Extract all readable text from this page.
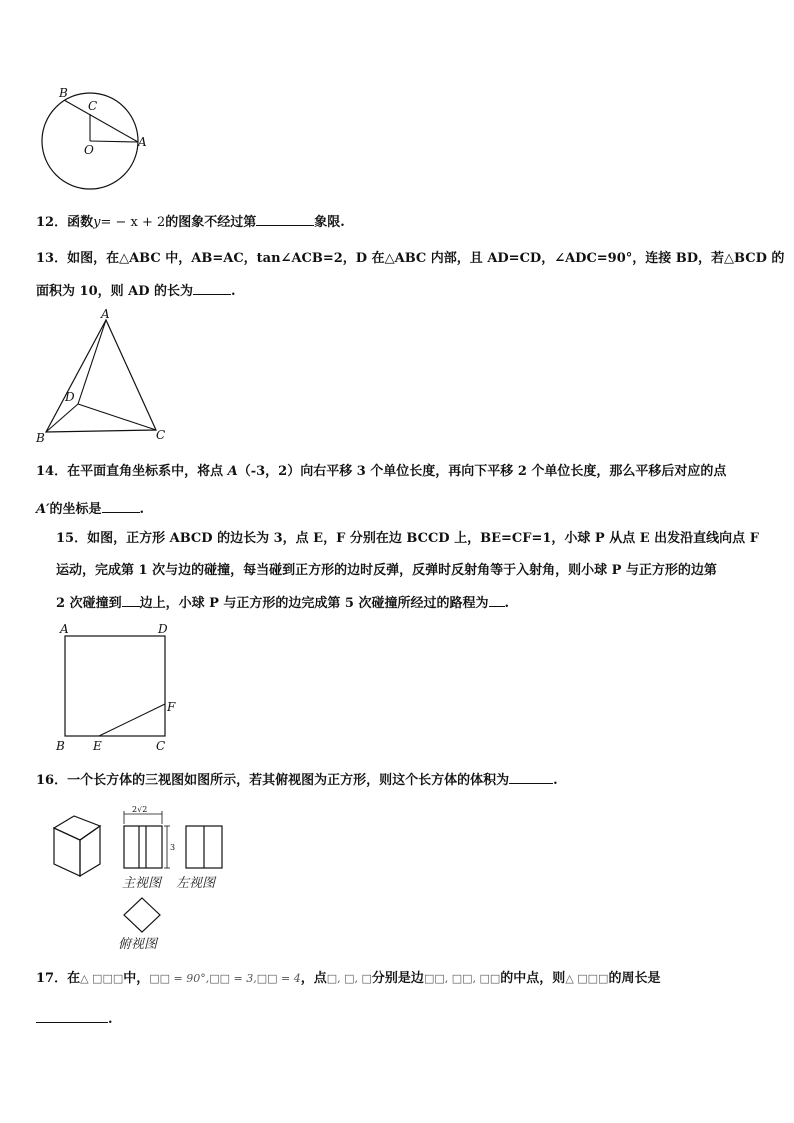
B
C
O
A
12．函数y= − x + 2的图象不经过第	象限.
13．如图，在△ABC 中，AB=AC，tan∠ACB=2，D 在△ABC 内部，且 AD=CD，∠ADC=90°，连接 BD，若△BCD 的
面积为 10，则 AD 的长为	.
A
D
B	C
14．在平面直角坐标系中，将点 A（-3，2）向右平移 3 个单位长度，再向下平移 2 个单位长度，那么平移后对应的点
A′的坐标是	.
15．如图，正方形 ABCD 的边长为 3，点 E，F 分别在边 BCCD 上，BE=CF=1，小球 P 从点 E 出发沿直线向点 F
运动，完成第 1 次与边的碰撞，每当碰到正方形的边时反弹，反弹时反射角等于入射角，则小球 P 与正方形的边第
2 次碰撞到 边上，小球 P 与正方形的边完成第 5 次碰撞所经过的路程为 .
A	D
F
B E	C
16．一个长方体的三视图如图所示，若其俯视图为正方形，则这个长方体的体积为	.
2√2
3
主视图 左视图
俯视图
17．在△ □□□中，□□ = 90°,□□ = 3,□□ = 4，点□, □, □分别是边□□, □□, □□的中点，则△ □□□的周长是
.
